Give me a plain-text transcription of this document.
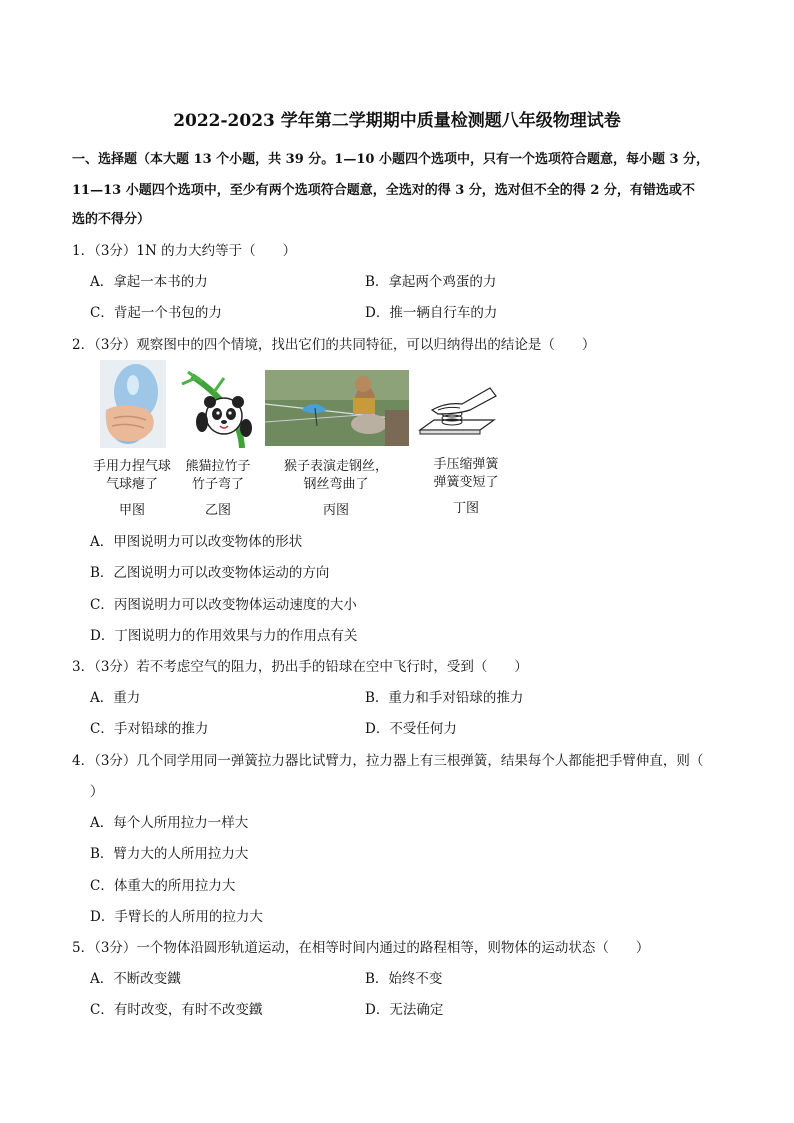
2022-2023 学年第二学期期中质量检测题八年级物理试卷
一、选择题（本大题 13 个小题，共 39 分。1—10 小题四个选项中，只有一个选项符合题意，每小题 3 分，
11—13 小题四个选项中，至少有两个选项符合题意，全选对的得 3 分，选对但不全的得 2 分，有错选或不
选的不得分）
1．（3分）1N 的力大约等于（　　）
A．拿起一本书的力	B．拿起两个鸡蛋的力
C．背起一个书包的力	D．推一辆自行车的力
2．（3分）观察图中的四个情境，找出它们的共同特征，可以归纳得出的结论是（　　）
手用力捏气球
气球瘪了
甲图
熊猫拉竹子
竹子弯了
乙图
猴子表演走钢丝，
钢丝弯曲了
丙图
手压缩弹簧
弹簧变短了
丁图
A．甲图说明力可以改变物体的形状
B．乙图说明力可以改变物体运动的方向
C．丙图说明力可以改变物体运动速度的大小
D．丁图说明力的作用效果与力的作用点有关
3．（3分）若不考虑空气的阻力，扔出手的铅球在空中飞行时，受到（　　）
A．重力	B．重力和手对铅球的推力
C．手对铅球的推力	D．不受任何力
4．（3分）几个同学用同一弹簧拉力器比试臂力，拉力器上有三根弹簧，结果每个人都能把手臂伸直，则（
）
A．每个人所用拉力一样大
B．臂力大的人所用拉力大
C．体重大的所用拉力大
D．手臂长的人所用的拉力大
5．（3分）一个物体沿圆形轨道运动，在相等时间内通过的路程相等，则物体的运动状态（　　）
A．不断改变鐵	B．始终不变
C．有时改变，有时不改变鐵	D．无法确定
